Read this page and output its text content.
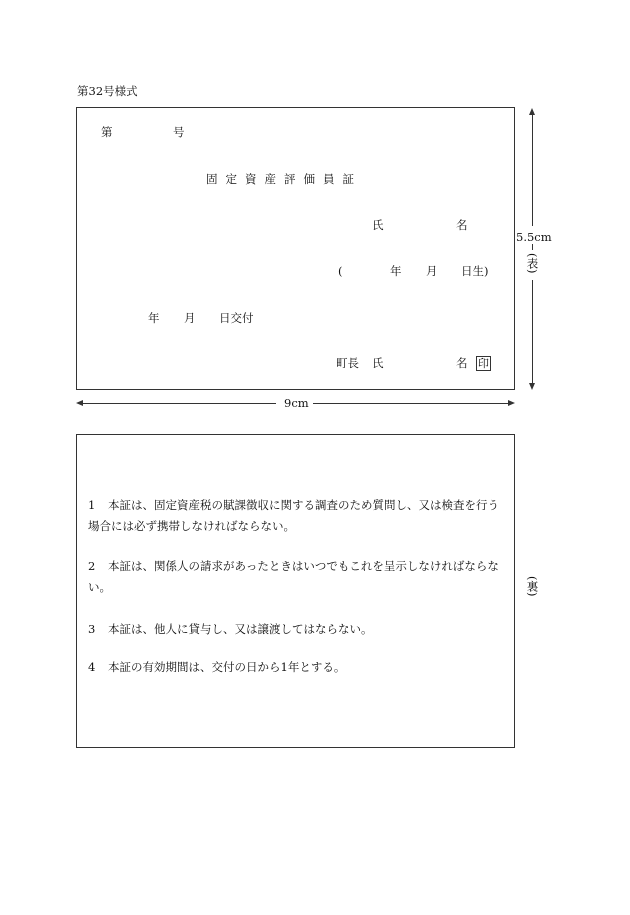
第32号様式
第	号
固定資産評価員証
氏	名
(	年 月 日生)
年 月 日交付
町長 氏	名 印
5.5cm
(表)
9cm
1 本証は、固定資産税の賦課徴収に関する調査のため質問し、又は検査を行う場合には必ず携帯しなければならない。
2 本証は、関係人の請求があったときはいつでもこれを呈示しなければならない。
3 本証は、他人に貸与し、又は譲渡してはならない。
4 本証の有効期間は、交付の日から1年とする。
(裏)
